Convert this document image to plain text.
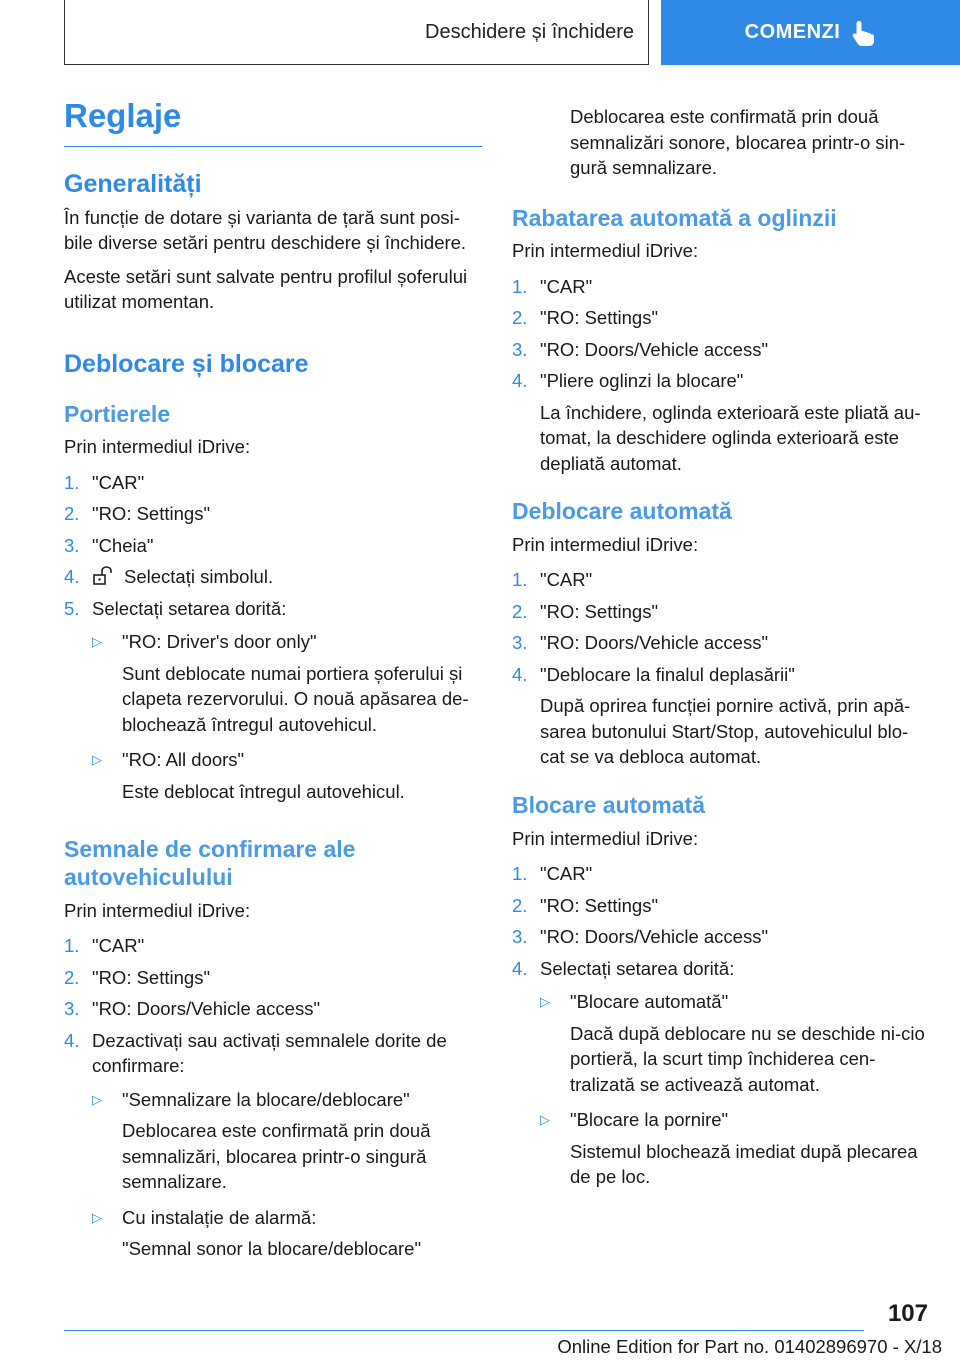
Deschidere și închidere	COMENZI
Reglaje
Generalități
În funcție de dotare și varianta de țară sunt posi-bile diverse setări pentru deschidere și închidere.
Aceste setări sunt salvate pentru profilul șoferului utilizat momentan.
Deblocare și blocare
Portierele
Prin intermediul iDrive:
1. "CAR"
2. "RO: Settings"
3. "Cheia"
4.	Selectați simbolul.
5. Selectați setarea dorită:
▷	"RO: Driver's door only"
Sunt deblocate numai portiera șoferului și clapeta rezervorului. O nouă apăsarea de-blochează întregul autovehicul.
▷	"RO: All doors"
Este deblocat întregul autovehicul.
Semnale de confirmare ale autovehiculului
Prin intermediul iDrive:
1. "CAR"
2. "RO: Settings"
3. "RO: Doors/Vehicle access"
4. Dezactivați sau activați semnalele dorite de confirmare:
▷	"Semnalizare la blocare/deblocare"
Deblocarea este confirmată prin două semnalizări, blocarea printr-o singură semnalizare.
▷	Cu instalație de alarmă:
"Semnal sonor la blocare/deblocare"
Deblocarea este confirmată prin două semnalizări sonore, blocarea printr-o sin-gură semnalizare.
Rabatarea automată a oglinzii
Prin intermediul iDrive:
1. "CAR"
2. "RO: Settings"
3. "RO: Doors/Vehicle access"
4. "Pliere oglinzi la blocare"
La închidere, oglinda exterioară este pliată au-tomat, la deschidere oglinda exterioară este depliată automat.
Deblocare automată
Prin intermediul iDrive:
1. "CAR"
2. "RO: Settings"
3. "RO: Doors/Vehicle access"
4. "Deblocare la finalul deplasării"
După oprirea funcției pornire activă, prin apă-sarea butonului Start/Stop, autovehiculul blo-cat se va debloca automat.
Blocare automată
Prin intermediul iDrive:
1. "CAR"
2. "RO: Settings"
3. "RO: Doors/Vehicle access"
4. Selectați setarea dorită:
▷	"Blocare automată"
Dacă după deblocare nu se deschide ni-cio portieră, la scurt timp închiderea cen-tralizată se activează automat.
▷	"Blocare la pornire"
Sistemul blochează imediat după plecarea de pe loc.
107
Online Edition for Part no. 01402896970 - X/18
